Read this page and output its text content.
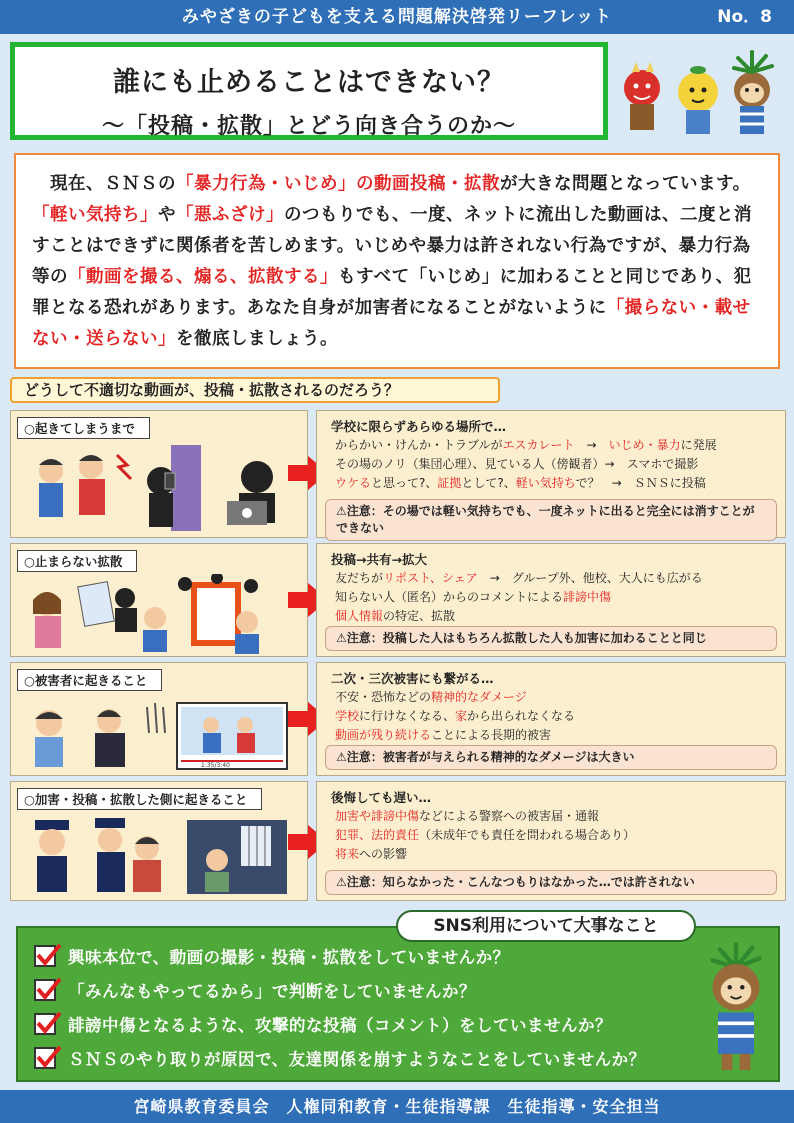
みやざきの子どもを支える問題解決啓発リーフレット	No．8
誰にも止めることはできない？
～「投稿・拡散」とどう向き合うのか～
　現在、ＳＮＳの「暴力行為・いじめ」の動画投稿・拡散が大きな問題となっています。「軽い気持ち」や「悪ふざけ」のつもりでも、一度、ネットに流出した動画は、二度と消すことはできずに関係者を苦しめます。いじめや暴力は許されない行為ですが、暴力行為等の「動画を撮る、煽る、拡散する」もすべて「いじめ」に加わることと同じであり、犯罪となる恐れがあります。あなた自身が加害者になることがないように「撮らない・載せない・送らない」を徹底しましょう。
どうして不適切な動画が、投稿・拡散されるのだろう？
○起きてしまうまで	学校に限らずあらゆる場所で…
からかい・けんか・トラブルがエスカレート　→　いじめ・暴力に発展
その場のノリ（集団心理）、見ている人（傍観者）→　スマホで撮影
ウケると思って?、証拠として?、軽い気持ちで？　→　ＳＮＳに投稿
⚠注意：その場では軽い気持ちでも、一度ネットに出ると完全には消すことができない
○止まらない拡散	投稿→共有→拡大
友だちがリポスト、シェア　→　グループ外、他校、大人にも広がる
知らない人（匿名）からのコメントによる誹謗中傷
個人情報の特定、拡散
⚠注意：投稿した人はもちろん拡散した人も加害に加わることと同じ
○被害者に起きること
1:35/3:40
二次・三次被害にも繋がる…
不安・恐怖などの精神的なダメージ
学校に行けなくなる、家から出られなくなる
動画が残り続けることによる長期的被害
⚠注意：被害者が与えられる精神的なダメージは大きい
○加害・投稿・拡散した側に起きること	後悔しても遅い…
加害や誹謗中傷などによる警察への被害届・通報
犯罪、法的責任（未成年でも責任を問われる場合あり）
将来への影響
⚠注意：知らなかった・こんなつもりはなかった…では許されない
SNS利用について大事なこと
興味本位で、動画の撮影・投稿・拡散をしていませんか？
「みんなもやってるから」で判断をしていませんか？
誹謗中傷となるような、攻撃的な投稿（コメント）をしていませんか？
ＳＮＳのやり取りが原因で、友達関係を崩すようなことをしていませんか？
宮崎県教育委員会　人権同和教育・生徒指導課　生徒指導・安全担当
